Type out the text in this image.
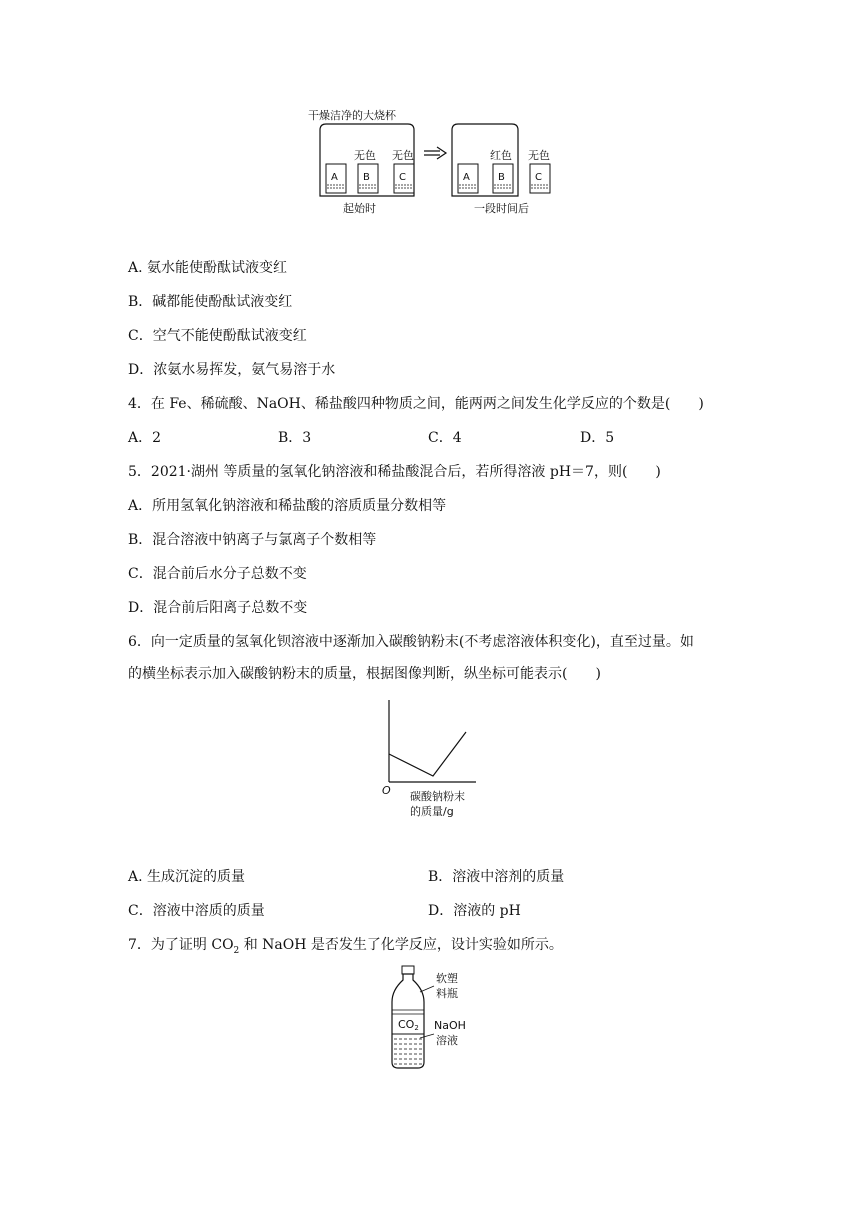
干燥洁净的大烧杯
A	B
无色
C
无色
起始时
A	B
红色
C
无色
一段时间后
A. 氨水能使酚酞试液变红
B．碱都能使酚酞试液变红
C．空气不能使酚酞试液变红
D．浓氨水易挥发，氨气易溶于水
4．在 Fe、稀硫酸、NaOH、稀盐酸四种物质之间，能两两之间发生化学反应的个数是(　　)
A．2	B．3	C．4	D．5
5．2021·湖州 等质量的氢氧化钠溶液和稀盐酸混合后，若所得溶液 pH＝7，则(　　)
A．所用氢氧化钠溶液和稀盐酸的溶质质量分数相等
B．混合溶液中钠离子与氯离子个数相等
C．混合前后水分子总数不变
D．混合前后阳离子总数不变
6．向一定质量的氢氧化钡溶液中逐渐加入碳酸钠粉末(不考虑溶液体积变化)，直至过量。如
的横坐标表示加入碳酸钠粉末的质量，根据图像判断，纵坐标可能表示(　　)
O 碳酸钠粉末
的质量/g
A. 生成沉淀的质量	B．溶液中溶剂的质量
C．溶液中溶质的质量	D．溶液的 pH
7．为了证明 $CO_2$ 和 NaOH 是否发生了化学反应，设计实验如所示。
CO2
软塑
料瓶
NaOH
溶液
